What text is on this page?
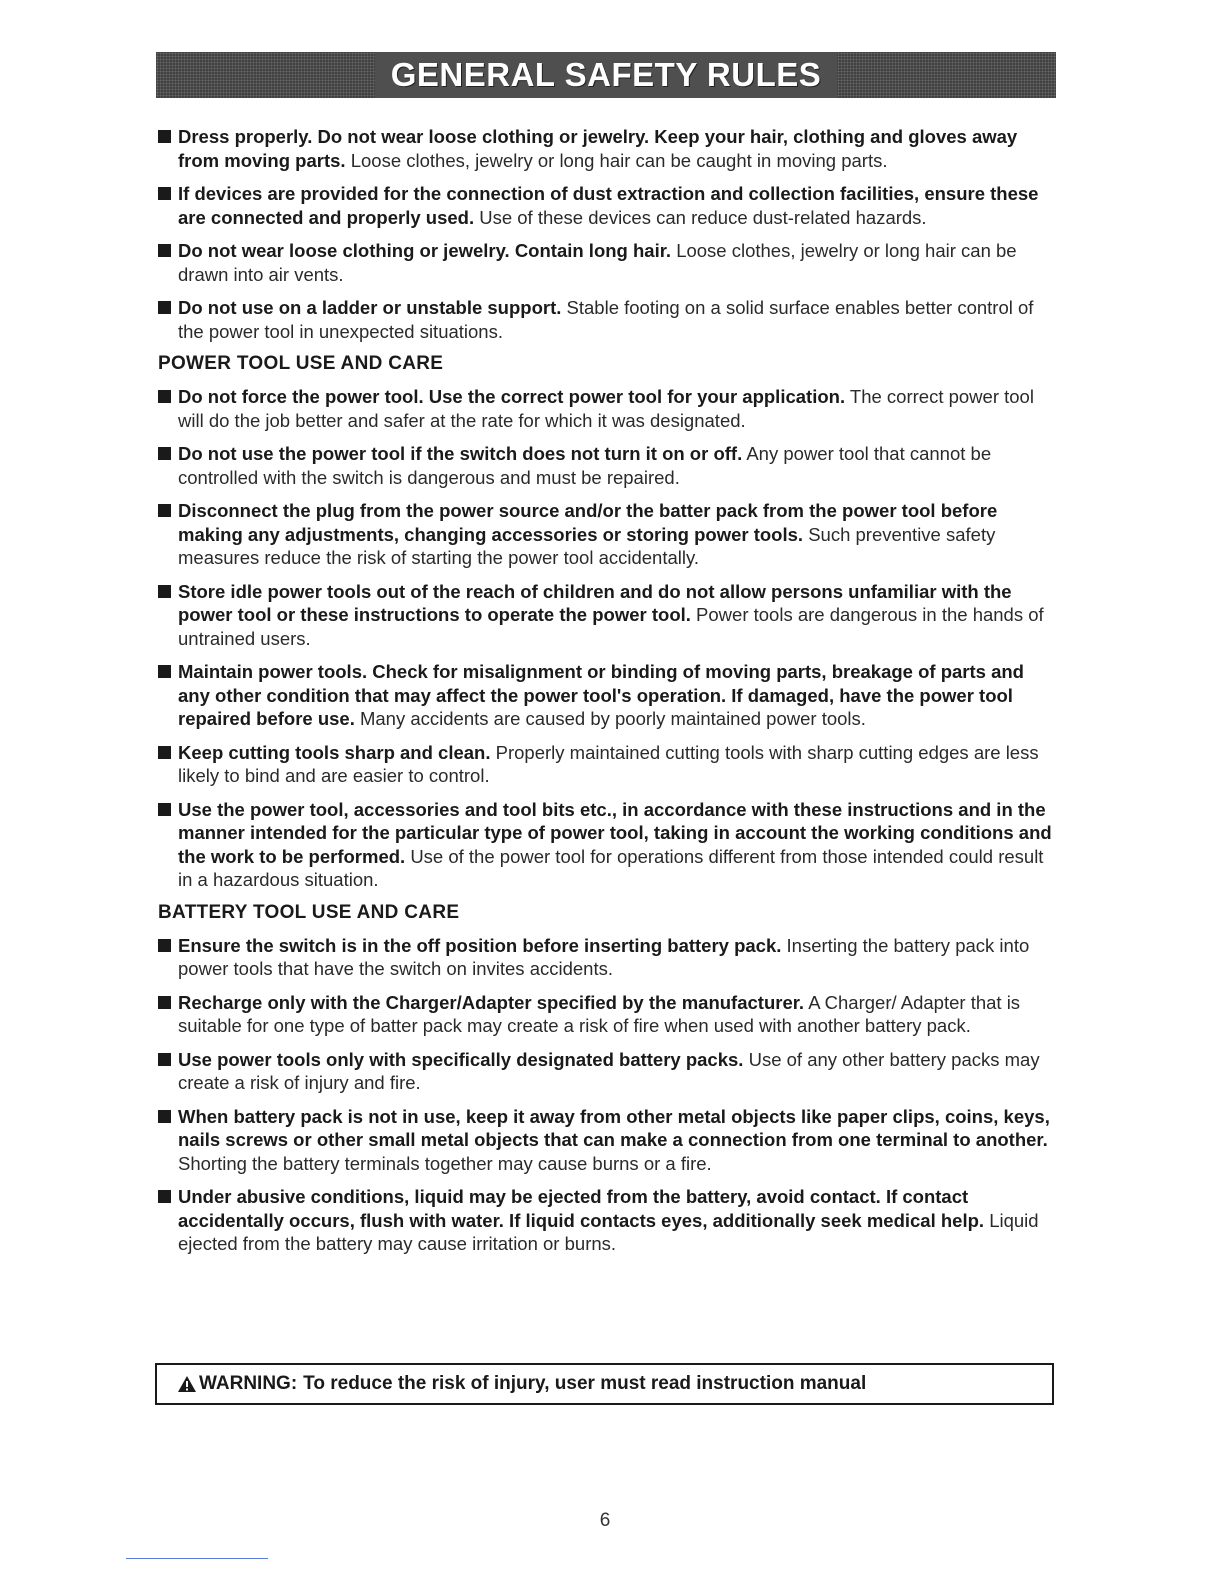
GENERAL SAFETY RULES
Dress properly. Do not wear loose clothing or jewelry. Keep your hair, clothing and gloves away from moving parts. Loose clothes, jewelry or long hair can be caught in moving parts.
If devices are provided for the connection of dust extraction and collection facilities, ensure these are connected and properly used. Use of these devices can reduce dust-related hazards.
Do not wear loose clothing or jewelry. Contain long hair. Loose clothes, jewelry or long hair can be drawn into air vents.
Do not use on a ladder or unstable support. Stable footing on a solid surface enables better control of the power tool in unexpected situations.
POWER TOOL USE AND CARE
Do not force the power tool. Use the correct power tool for your application. The correct power tool will do the job better and safer at the rate for which it was designated.
Do not use the power tool if the switch does not turn it on or off. Any power tool that cannot be controlled with the switch is dangerous and must be repaired.
Disconnect the plug from the power source and/or the batter pack from the power tool before making any adjustments, changing accessories or storing power tools. Such preventive safety measures reduce the risk of starting the power tool accidentally.
Store idle power tools out of the reach of children and do not allow persons unfamiliar with the power tool or these instructions to operate the power tool. Power tools are dangerous in the hands of untrained users.
Maintain power tools. Check for misalignment or binding of moving parts, breakage of parts and any other condition that may affect the power tool's operation. If damaged, have the power tool repaired before use. Many accidents are caused by poorly maintained power tools.
Keep cutting tools sharp and clean. Properly maintained cutting tools with sharp cutting edges are less likely to bind and are easier to control.
Use the power tool, accessories and tool bits etc., in accordance with these instructions and in the manner intended for the particular type of power tool, taking in account the working conditions and the work to be performed. Use of the power tool for operations different from those intended could result in a hazardous situation.
BATTERY TOOL USE AND CARE
Ensure the switch is in the off position before inserting battery pack. Inserting the battery pack into power tools that have the switch on invites accidents.
Recharge only with the Charger/Adapter specified by the manufacturer. A Charger/ Adapter that is suitable for one type of batter pack may create a risk of fire when used with another battery pack.
Use power tools only with specifically designated battery packs. Use of any other battery packs may create a risk of injury and fire.
When battery pack is not in use, keep it away from other metal objects like paper clips, coins, keys, nails screws or other small metal objects that can make a connection from one terminal to another. Shorting the battery terminals together may cause burns or a fire.
Under abusive conditions, liquid may be ejected from the battery, avoid contact. If contact accidentally occurs, flush with water. If liquid contacts eyes, additionally seek medical help. Liquid ejected from the battery may cause irritation or burns.
WARNING: To reduce the risk of injury, user must read instruction manual
6
